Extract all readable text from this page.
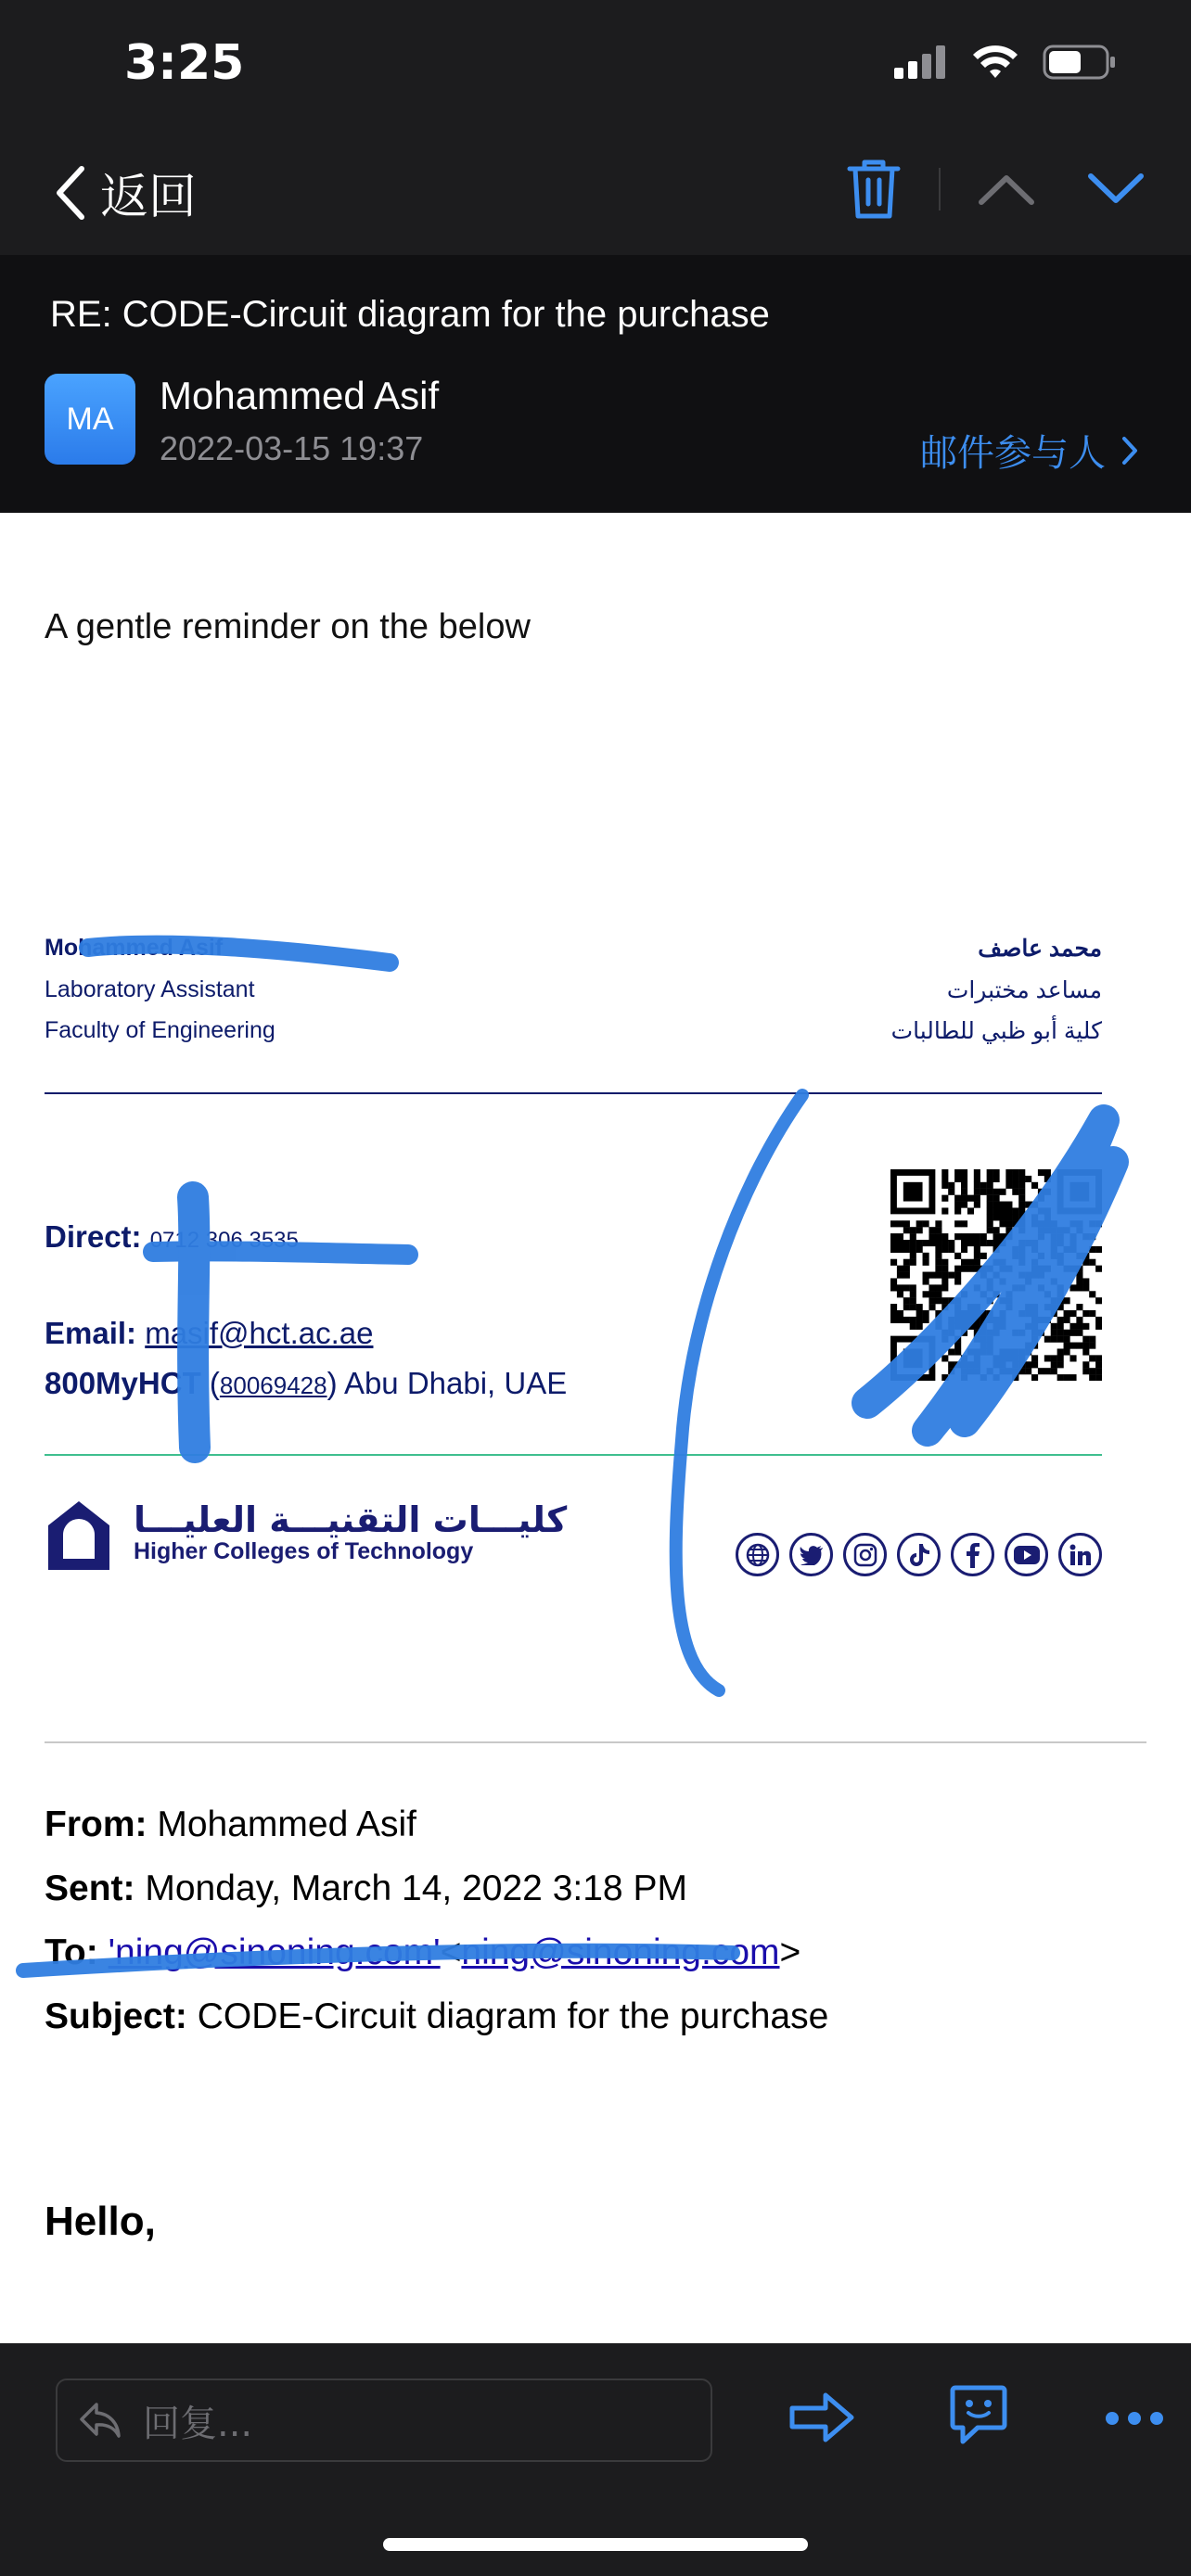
3:25
返回
RE: CODE-Circuit diagram for the purchase
MA
Mohammed Asif
2022-03-15 19:37	邮件参与人
A gentle reminder on the below
Mohammed Asif
Laboratory Assistant
Faculty of Engineering
محمد عاصف
مساعد مختبرات
كلية أبو ظبي للطالبات
Direct: 0712 306 3535
Email: masif@hct.ac.ae
800MyHCT (80069428) Abu Dhabi, UAE
كليـــات التقنيـــة العليـــا
Higher Colleges of Technology
From: Mohammed Asif
Sent: Monday, March 14, 2022 3:18 PM
To: 'ning@sinoning.com'<ning@sinoning.com>
Subject: CODE-Circuit diagram for the purchase
Hello,
回复...
